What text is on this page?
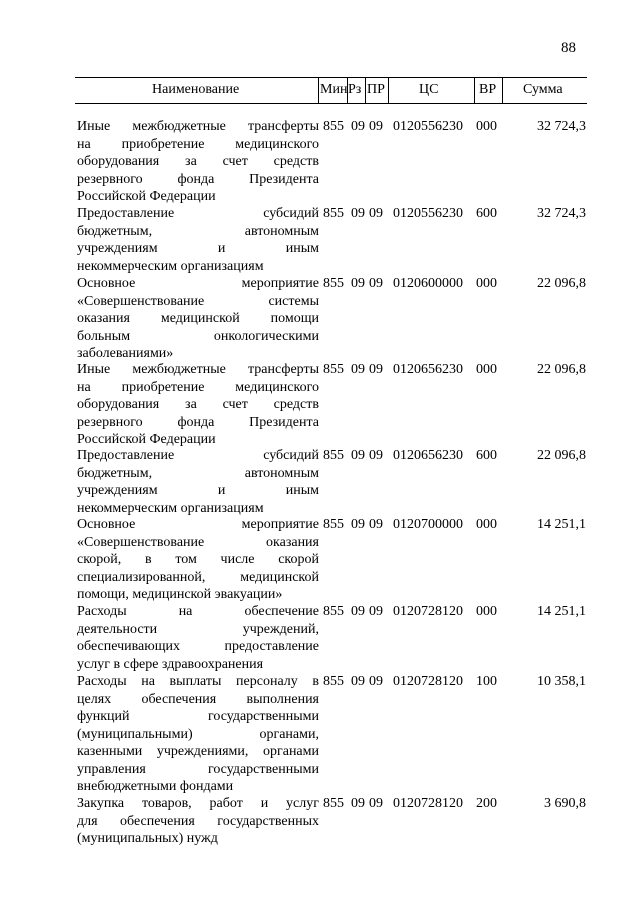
88
Наименование	Мин Рз ПР ЦС	ВР Сумма
Иные межбюджетные трансферты
на приобретение медицинского
оборудования за счет средств
резервного фонда Президента
Российской Федерации
855 09 09 0120556230 000	32 724,3
Предоставление субсидий
бюджетным, автономным
учреждениям и иным
некоммерческим организациям
855 09 09 0120556230 600	32 724,3
Основное мероприятие
«Совершенствование системы
оказания медицинской помощи
больным онкологическими
заболеваниями»
855 09 09 0120600000 000	22 096,8
Иные межбюджетные трансферты
на приобретение медицинского
оборудования за счет средств
резервного фонда Президента
Российской Федерации
855 09 09 0120656230 000	22 096,8
Предоставление субсидий
бюджетным, автономным
учреждениям и иным
некоммерческим организациям
855 09 09 0120656230 600	22 096,8
Основное мероприятие
«Совершенствование оказания
скорой, в том числе скорой
специализированной, медицинской
помощи, медицинской эвакуации»
855 09 09 0120700000 000	14 251,1
Расходы на обеспечение
деятельности учреждений,
обеспечивающих предоставление
услуг в сфере здравоохранения
855 09 09 0120728120 000	14 251,1
Расходы на выплаты персоналу в
целях обеспечения выполнения
функций государственными
(муниципальными) органами,
казенными учреждениями, органами
управления государственными
внебюджетными фондами
855 09 09 0120728120 100	10 358,1
Закупка товаров, работ и услуг
для обеспечения государственных
(муниципальных) нужд
855 09 09 0120728120 200	3 690,8
